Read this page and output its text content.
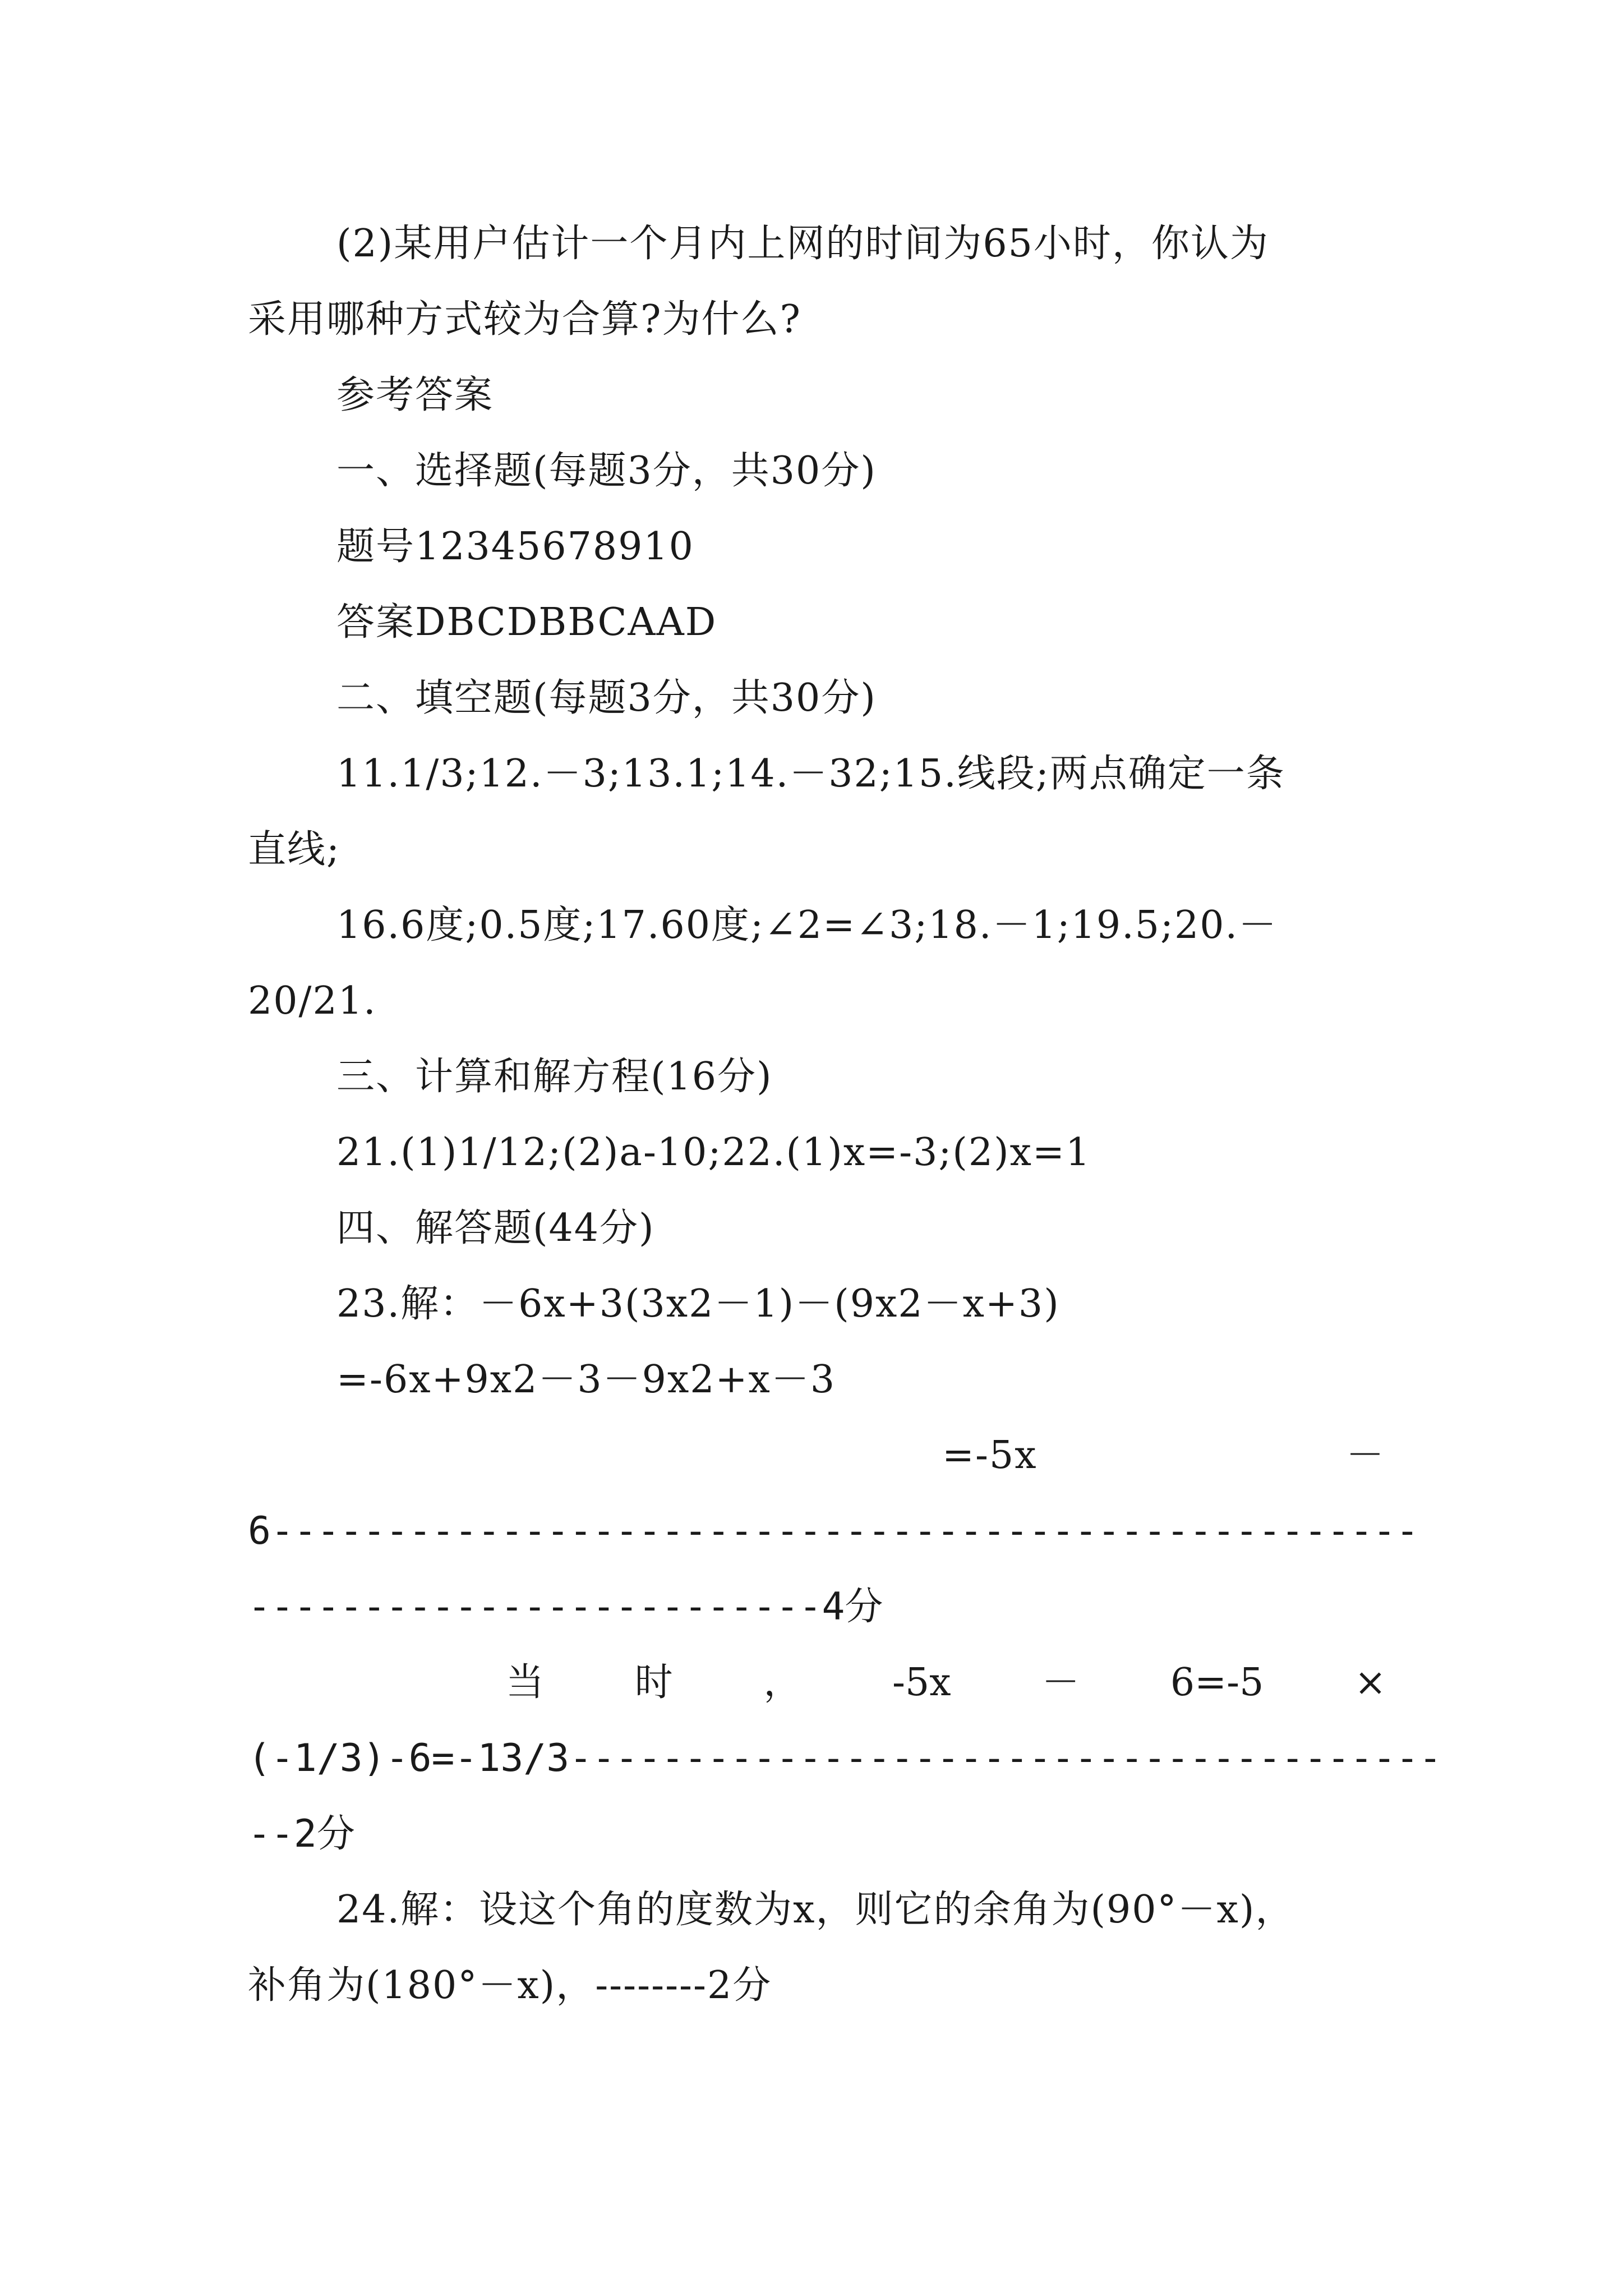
(2)某用户估计一个月内上网的时间为65小时，你认为
采用哪种方式较为合算?为什么?
参考答案
一、选择题(每题3分，共30分)
题号12345678910
答案DBCDBBCAAD
二、填空题(每题3分，共30分)
11.1/3;12.－3;13.1;14.－32;15.线段;两点确定一条
直线;
16.6度;0.5度;17.60度;∠2=∠3;18.－1;19.5;20.－
20/21.
三、计算和解方程(16分)
21.(1)1/12;(2)a-10;22.(1)x=-3;(2)x=1
四、解答题(44分)
23.解：－6x+3(3x2－1)－(9x2－x+3)
=-6x+9x2－3－9x2+x－3
=-5x	－
6--------------------------------------------------
-------------------------4分
当 时 ， -5x － 6=-5 ×
(-1/3)-6=-13/3--------------------------------------
--2分
24.解：设这个角的度数为x，则它的余角为(90°－x)，
补角为(180°－x)，--------2分
